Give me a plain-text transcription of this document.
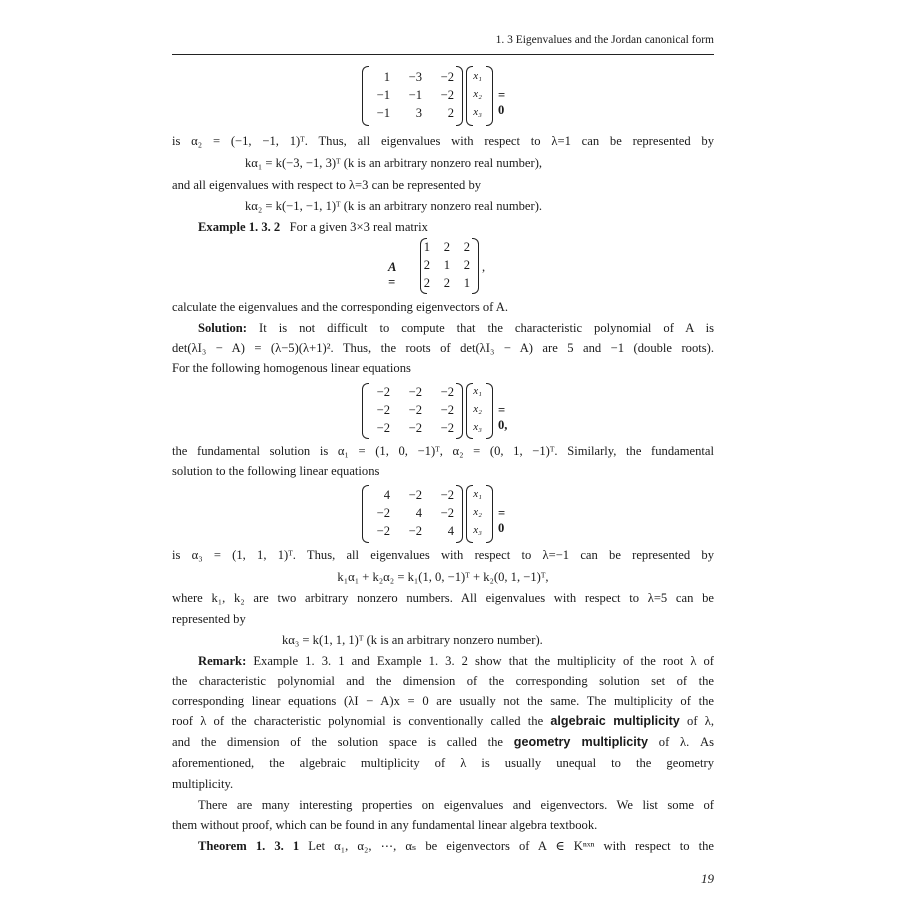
1. 3 Eigenvalues and the Jordan canonical form
1	−3	−2
−1	−1	−2
−1	3	2
x₁
x₂
x₃
= 0
is α₂ = (−1, −1, 1)ᵀ. Thus, all eigenvalues with respect to λ=1 can be represented by
kα₁ = k(−3, −1, 3)ᵀ (k is an arbitrary nonzero real number),
and all eigenvalues with respect to λ=3 can be represented by
kα₂ = k(−1, −1, 1)ᵀ (k is an arbitrary nonzero real number).
Example 1. 3. 2 For a given 3×3 real matrix
A =
1	2	2
2	1	2
2	2	1
,
calculate the eigenvalues and the corresponding eigenvectors of A.
Solution: It is not difficult to compute that the characteristic polynomial of A is
det(λI₃ − A) = (λ−5)(λ+1)². Thus, the roots of det(λI₃ − A) are 5 and −1 (double roots).
For the following homogenous linear equations
−2	−2	−2
−2	−2	−2
−2	−2	−2
x₁
x₂
x₃
= 0,
the fundamental solution is α₁ = (1, 0, −1)ᵀ, α₂ = (0, 1, −1)ᵀ. Similarly, the fundamental
solution to the following linear equations
4	−2	−2
−2	4	−2
−2	−2	4
x₁
x₂
x₃
= 0
is α₃ = (1, 1, 1)ᵀ. Thus, all eigenvalues with respect to λ=−1 can be represented by
k₁α₁ + k₂α₂ = k₁(1, 0, −1)ᵀ + k₂(0, 1, −1)ᵀ,
where k₁, k₂ are two arbitrary nonzero numbers. All eigenvalues with respect to λ=5 can be
represented by
kα₃ = k(1, 1, 1)ᵀ (k is an arbitrary nonzero number).
Remark: Example 1. 3. 1 and Example 1. 3. 2 show that the multiplicity of the root λ of
the characteristic polynomial and the dimension of the corresponding solution set of the
corresponding linear equations (λI − A)x = 0 are usually not the same. The multiplicity of the
roof λ of the characteristic polynomial is conventionally called the algebraic multiplicity of λ,
and the dimension of the solution space is called the geometry multiplicity of λ. As
aforementioned, the algebraic multiplicity of λ is usually unequal to the geometry
multiplicity.
There are many interesting properties on eigenvalues and eigenvectors. We list some of
them without proof, which can be found in any fundamental linear algebra textbook.
Theorem 1. 3. 1 Let α₁, α₂, ⋯, αₛ be eigenvectors of A ∈ Kⁿˣⁿ with respect to the
19
